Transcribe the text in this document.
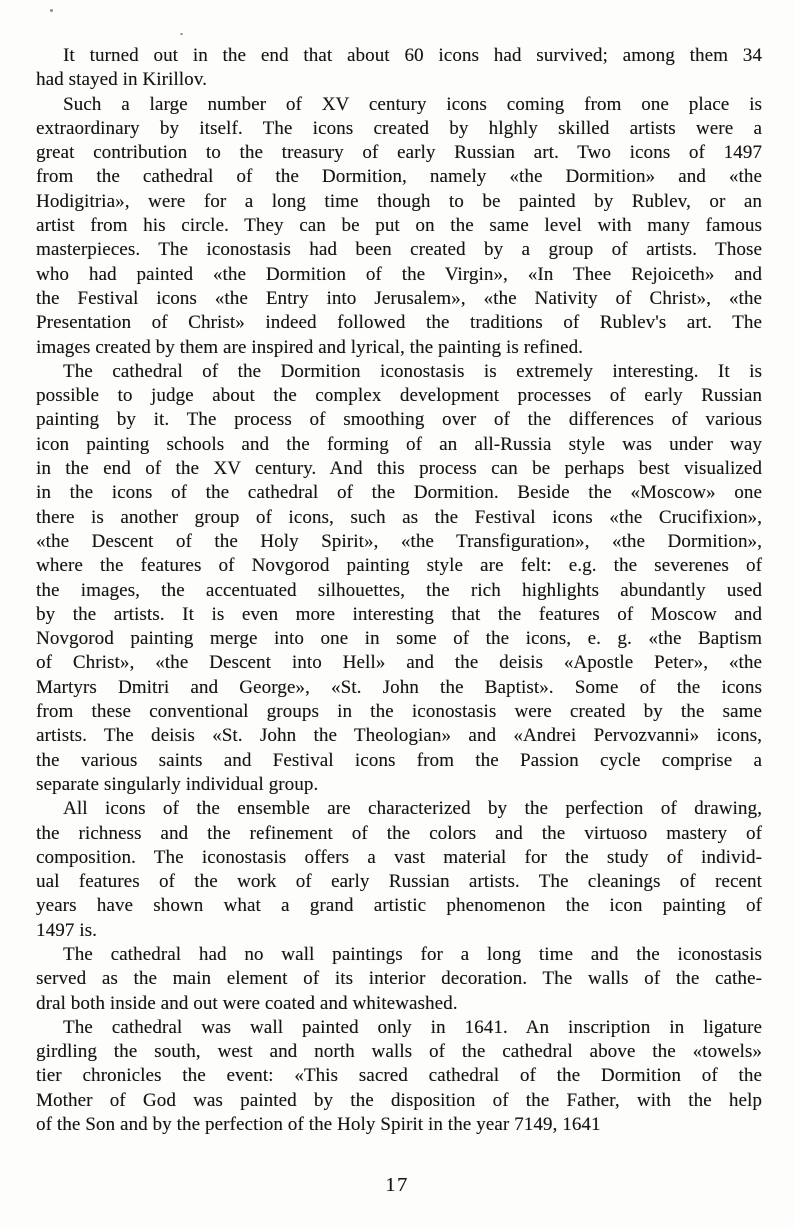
It turned out in the end that about 60 icons had survived; among them 34
had stayed in Kirillov.
Such a large number of XV century icons coming from one place is
extraordinary by itself. The icons created by hlghly skilled artists were a
great contribution to the treasury of early Russian art. Two icons of 1497
from the cathedral of the Dormition, namely «the Dormition» and «the
Hodigitria», were for a long time though to be painted by Rublev, or an
artist from his circle. They can be put on the same level with many famous
masterpieces. The iconostasis had been created by a group of artists. Those
who had painted «the Dormition of the Virgin», «In Thee Rejoiceth» and
the Festival icons «the Entry into Jerusalem», «the Nativity of Christ», «the
Presentation of Christ» indeed followed the traditions of Rublev's art. The
images created by them are inspired and lyrical, the painting is refined.
The cathedral of the Dormition iconostasis is extremely interesting. It is
possible to judge about the complex development processes of early Russian
painting by it. The process of smoothing over of the differences of various
icon painting schools and the forming of an all-Russia style was under way
in the end of the XV century. And this process can be perhaps best visualized
in the icons of the cathedral of the Dormition. Beside the «Moscow» one
there is another group of icons, such as the Festival icons «the Crucifixion»,
«the Descent of the Holy Spirit», «the Transfiguration», «the Dormition»,
where the features of Novgorod painting style are felt: e.g. the severenes of
the images, the accentuated silhouettes, the rich highlights abundantly used
by the artists. It is even more interesting that the features of Moscow and
Novgorod painting merge into one in some of the icons, e. g. «the Baptism
of Christ», «the Descent into Hell» and the deisis «Apostle Peter», «the
Martyrs Dmitri and George», «St. John the Baptist». Some of the icons
from these conventional groups in the iconostasis were created by the same
artists. The deisis «St. John the Theologian» and «Andrei Pervozvanni» icons,
the various saints and Festival icons from the Passion cycle comprise a
separate singularly individual group.
All icons of the ensemble are characterized by the perfection of drawing,
the richness and the refinement of the colors and the virtuoso mastery of
composition. The iconostasis offers a vast material for the study of individ-
ual features of the work of early Russian artists. The cleanings of recent
years have shown what a grand artistic phenomenon the icon painting of
1497 is.
The cathedral had no wall paintings for a long time and the iconostasis
served as the main element of its interior decoration. The walls of the cathe-
dral both inside and out were coated and whitewashed.
The cathedral was wall painted only in 1641. An inscription in ligature
girdling the south, west and north walls of the cathedral above the «towels»
tier chronicles the event: «This sacred cathedral of the Dormition of the
Mother of God was painted by the disposition of the Father, with the help
of the Son and by the perfection of the Holy Spirit in the year 7149, 1641
17
